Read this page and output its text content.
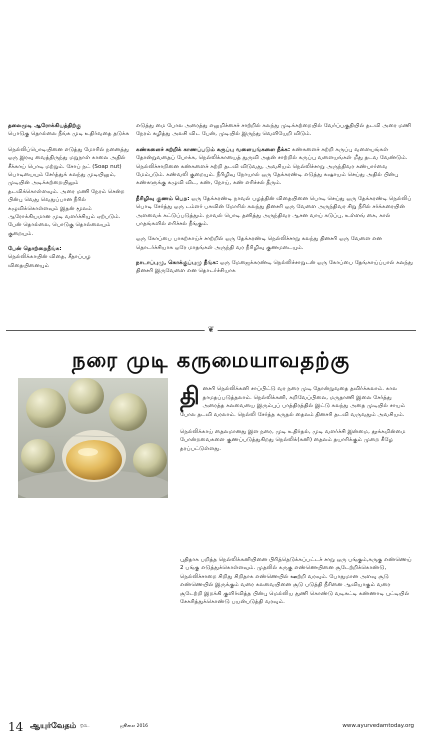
தலைமுடி ஆரோக்கியத்திற்கு
பொடுகு தொல்லை நீங்க முடி உதிர்வதை தடுக்க

நெல்லிப்பொடியினை எடுத்து மோரில் நனைத்து ஒரு இரவு வைத்திருந்து மறுநாள் காலை அதில் சீக்காய் பொடி மற்றும். சோப் நட் (Soap nut) பொடியையும் சேர்த்துக் கலந்து முடியிலும், முடியின் அடிக்கற்றையிலும் தடவிக்கொள்ளவும். அரை மணி நேரம் சென்ற பின்பு வெது வெதுப்பான நீரில் கழுவிக்கொள்ளவும் இதன் மூலம் ஆரோக்கியமான முடி வளர்ச்சியும் ஏற்படும். பேன் தொல்லை, பொடுகு தொல்லையும் குறையும்.

பேன் தொற்றைநீங்க:
நெல்லிக்காயின் விதை, சீதாப்பழ விதையினையும்

எடுத்து மை போல அரைத்து எலுமிச்சைச் சாற்றில் கலந்து முடிக்கற்றையில் வேர்ப்பகுதியில் தடவி அரை மணி நேரம் கழித்து அலசி விட பேன், முடியில் இருந்து வெளியேறி விடும்.

கண்களைச் சுற்றிக் காணப்படும் கருப்பு வளையங்களை நீக்க: கண்களைச் சுற்றி கருப்பு வளையங்கள் தோன்றுவதைப் போக்க, நெல்லிக்காயைத் துருவி அதன் சாற்றில் கருப்பு வளையங்கள் மீது தடவ வேண்டும். நெல்லிச்சாறினை கண்களைச் சுற்றி தடவி விடுவது, அவசியம் நெல்லிச்சாறு அருந்திவர கண்பார்வை மேம்படும். கண்வலி குறையும். நீரிழிவு நோயால் ஒரு தேக்கரண்டி எடுத்து கஷாயம் செய்து அதில் பின்பு கண்களுக்கு கழுவி விட, கண், நோய், கண் எரிச்சல் தீரும்.

நீரிழிவு குணம் பெற: ஒரு தேக்கரண்டி நாவல் பழத்தின் விதையினை பொடி செய்து ஒரு தேக்கரண்டி நெல்லிப் பொடி சேர்த்து ஒரு டம்ளர் பசுவின் மோரில் கலந்து தினசரி ஒரு வேளை அருந்திவர சிறு நீரில் சர்க்கரையின் அளவைக் கட்டுப்படுத்தும். நாவல் பொடி தனித்து அருந்திவர ஆசன வாய் கடுப்பு, உள்ளங் கை, கால் பாதங்களில் எரிச்சல் நீங்கும்.

ஒரு கோப்பை பாகற்காய்ச் சாற்றில் ஒரு தேக்கரண்டி நெல்லிச்சாறு கலந்து தினசரி ஒரு வேளை என தொடர்ச்சியாக ஒரே மாதங்கள் அருந்தி வர நீரிழிவு குணமடையும்.

நாடாப்புழு, கொக்குப்புழு நீங்க: ஒரு மேஜைக்கரண்டி நெல்லிச்சாறுடன் ஒரு கோப்பை தேங்காய்ப்பால் கலந்து தினசரி இருவேளை என தொடர்ச்சியாக

❦
நரை முடி கருமையாவதற்கு

தினசரி நெல்லிக்கனி சாப்பிட்டு வர நரை முடி தோன்றுவதை தவிர்க்கலாம். கால தாமதப்படுத்தலாம். நெல்லிக்கனி, கறிவேப்பிலை, மருதாணி இலை சேர்த்து அரைத்த கலவையை இரும்புப் பாத்திரத்தில் இட்டு கலந்து அதை முடியில் சாயம் போல தடவி வரலாம். நெல்லி சேர்த்த கருதல் தைலம் தினசரி தடவி வருவதும் அவசியம்.

நெல்லிக்காய் தைலமானது இள நரை, முடி உதிர்தல், முடி வளர்ச்சி இன்மை, தூக்கமின்மை போன்றவைகளை குணப்படுத்துகிறது நெல்லிக்(கனி) தைலம் தயாரிக்கும் முறை கீழே தரப்பட்டுள்ளது.

புதிதாக பறித்த நெல்லிக்கனியினை பிரித்தெடுக்கப்பட்டச் சாறு ஒரு பங்கும்,கருகு எண்ணெய் 2 பங்கு எடுத்துக்கொள்ளவும். முதலில் கருகு எண்ணெயினை சூடேற்றிக்கொண்டு, நெல்லிச்சாறை சிறிது சிறிதாக எண்ணெயில் ஊற்றி வரவும். போதுமான அளவு சூடு எண்ணெயில் இருக்கும் வரை கலவையினை சூடு படுத்தி நீரினை ஆவியாகும் வரை சூடேற்றி இறக்கி குளிர்வித்த பின்பு மெல்லிய துணி கொண்டு வடிகட்டி கண்ணாடி புட்டியில் சேகரித்துக்கொண்டு பயன்படுத்தி வரவும்.

14 ஆயுர்வேதம் டுடே	ஜூலை 2016	www.ayurvedamtoday.org
